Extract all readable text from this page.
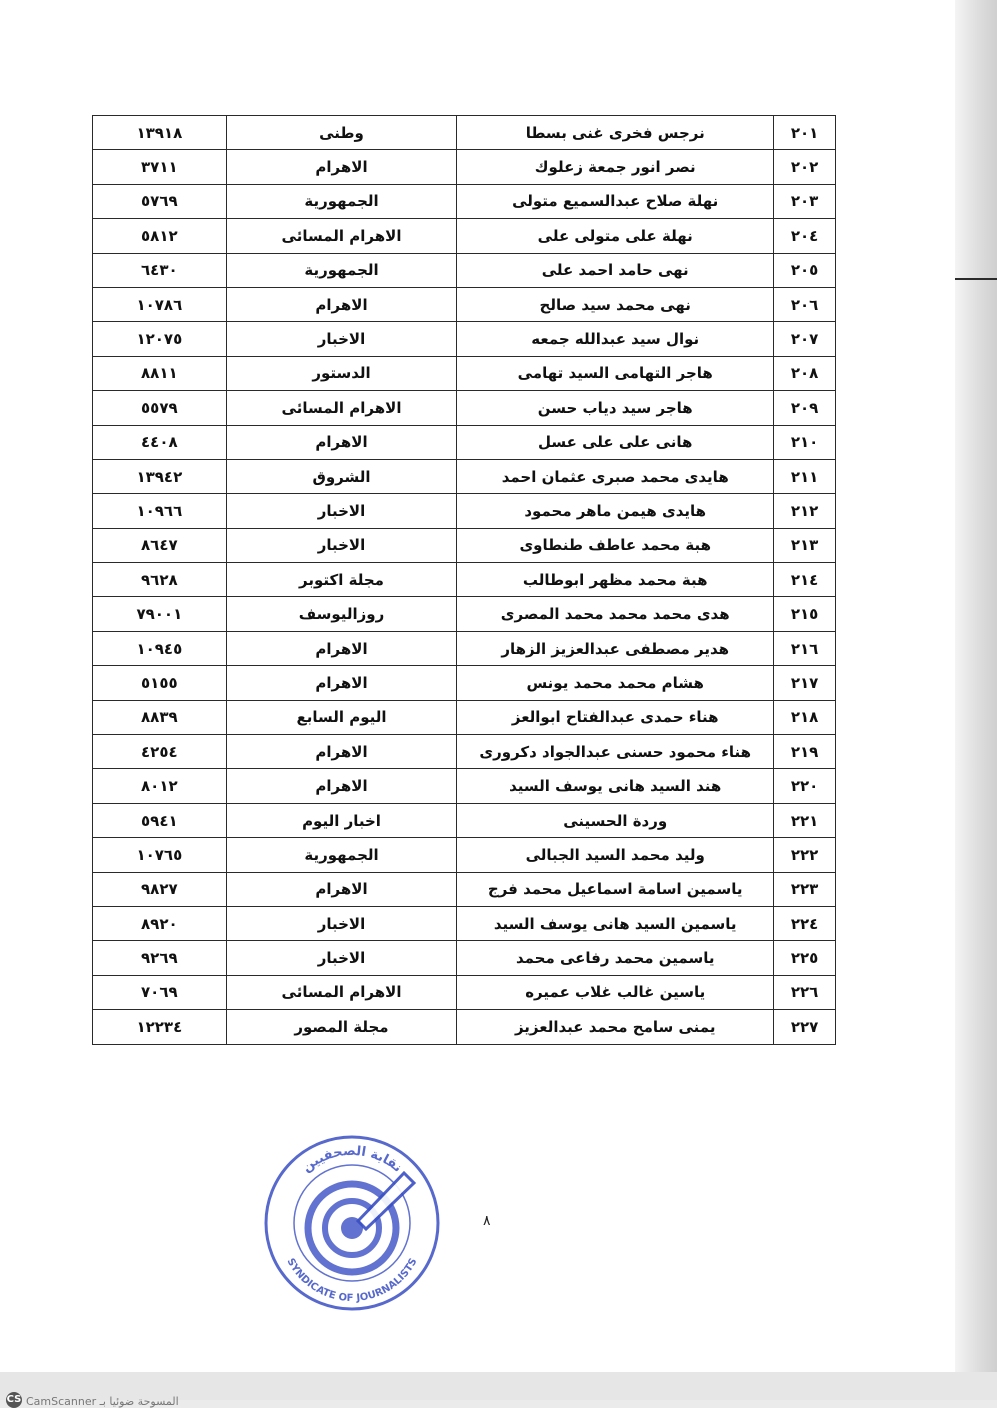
٢٠١	نرجس فخرى غنى بسطا	وطنى	١٣٩١٨
٢٠٢	نصر انور جمعة زعلوك	الاهرام	٣٧١١
٢٠٣	نهلة صلاح عبدالسميع متولى	الجمهورية	٥٧٦٩
٢٠٤	نهلة على متولى على	الاهرام المسائى	٥٨١٢
٢٠٥	نهى حامد احمد على	الجمهورية	٦٤٣٠
٢٠٦	نهى محمد سيد صالح	الاهرام	١٠٧٨٦
٢٠٧	نوال سيد عبدالله جمعه	الاخبار	١٢٠٧٥
٢٠٨	هاجر التهامى السيد تهامى	الدستور	٨٨١١
٢٠٩	هاجر سيد دياب حسن	الاهرام المسائى	٥٥٧٩
٢١٠	هانى على على عسل	الاهرام	٤٤٠٨
٢١١	هايدى محمد صبرى عثمان احمد	الشروق	١٣٩٤٢
٢١٢	هايدى هيمن ماهر محمود	الاخبار	١٠٩٦٦
٢١٣	هبة محمد عاطف طنطاوى	الاخبار	٨٦٤٧
٢١٤	هبة محمد مظهر ابوطالب	مجلة اكتوبر	٩٦٢٨
٢١٥	هدى محمد محمد محمد المصرى	روزاليوسف	٧٩٠٠١
٢١٦	هدير مصطفى عبدالعزيز الزهار	الاهرام	١٠٩٤٥
٢١٧	هشام محمد محمد يونس	الاهرام	٥١٥٥
٢١٨	هناء حمدى عبدالفتاح ابوالعز	اليوم السابع	٨٨٣٩
٢١٩	هناء محمود حسنى عبدالجواد دكرورى	الاهرام	٤٢٥٤
٢٢٠	هند السيد هانى يوسف السيد	الاهرام	٨٠١٢
٢٢١	وردة الحسينى	اخبار اليوم	٥٩٤١
٢٢٢	وليد محمد السيد الجبالى	الجمهورية	١٠٧٦٥
٢٢٣	ياسمين اسامة اسماعيل محمد فرج	الاهرام	٩٨٢٧
٢٢٤	ياسمين السيد هانى يوسف السيد	الاخبار	٨٩٢٠
٢٢٥	ياسمين محمد رفاعى محمد	الاخبار	٩٢٦٩
٢٢٦	ياسين غالب غلاب عميره	الاهرام المسائى	٧٠٦٩
٢٢٧	يمنى سامح محمد عبدالعزيز	مجلة المصور	١٢٢٣٤
نقابة الصحفيين
SYNDICATE OF JOURNALISTS
٨
CS المسوحة ضوئيا بـ CamScanner
